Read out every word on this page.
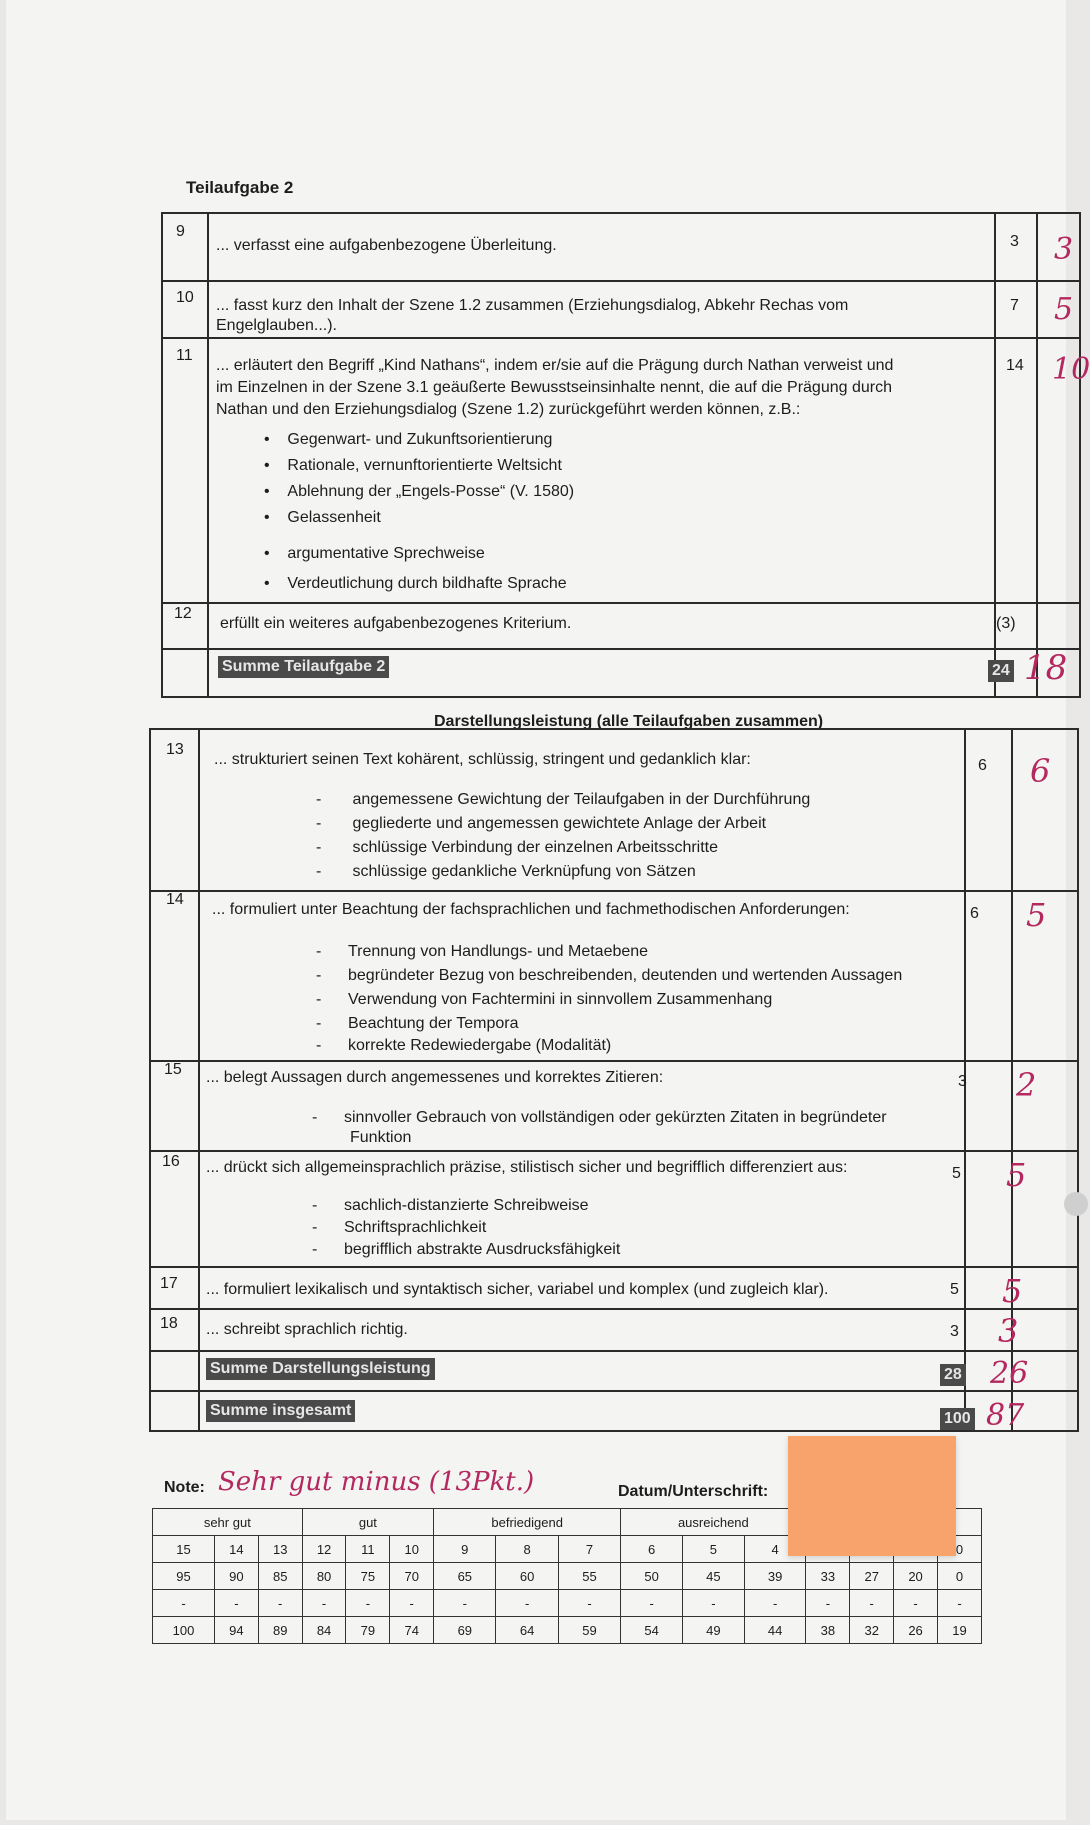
Teilaufgabe 2
9
... verfasst eine aufgabenbezogene Überleitung.	3 3
10 ... fasst kurz den Inhalt der Szene 1.2 zusammen (Erziehungsdialog, Abkehr Rechas vom
Engelglauben...).
7 5
11
... erläutert den Begriff „Kind Nathans“, indem er/sie auf die Prägung durch Nathan verweist und
im Einzelnen in der Szene 3.1 geäußerte Bewusstseinsinhalte nennt, die auf die Prägung durch
Nathan und den Erziehungsdialog (Szene 1.2) zurückgeführt werden können, z.B.:
•    Gegenwart- und Zukunftsorientierung
•    Rationale, vernunftorientierte Weltsicht
•    Ablehnung der „Engels-Posse“ (V. 1580)
•    Gelassenheit
•    argumentative Sprechweise
•    Verdeutlichung durch bildhafte Sprache
14 10
12
erfüllt ein weiteres aufgabenbezogenes Kriterium.	(3)
Summe Teilaufgabe 2	24 18
Darstellungsleistung (alle Teilaufgaben zusammen)
13
... strukturiert seinen Text kohärent, schlüssig, stringent und gedanklich klar:
-       angemessene Gewichtung der Teilaufgaben in der Durchführung
-       gegliederte und angemessen gewichtete Anlage der Arbeit
-       schlüssige Verbindung der einzelnen Arbeitsschritte
-       schlüssige gedankliche Verknüpfung von Sätzen
6 6
14
... formuliert unter Beachtung der fachsprachlichen und fachmethodischen Anforderungen:
-      Trennung von Handlungs- und Metaebene
-      begründeter Bezug von beschreibenden, deutenden und wertenden Aussagen
-      Verwendung von Fachtermini in sinnvollem Zusammenhang
-      Beachtung der Tempora
-      korrekte Redewiedergabe (Modalität)
6 5
15 ... belegt Aussagen durch angemessenes und korrektes Zitieren:
-      sinnvoller Gebrauch von vollständigen oder gekürzten Zitaten in begründeter
Funktion
3 2
16 ... drückt sich allgemeinsprachlich präzise, stilistisch sicher und begrifflich differenziert aus:
-      sachlich-distanzierte Schreibweise
-      Schriftsprachlichkeit
-      begrifflich abstrakte Ausdrucksfähigkeit
5 5
17 ... formuliert lexikalisch und syntaktisch sicher, variabel und komplex (und zugleich klar).	5 5
18 ... schreibt sprachlich richtig.	3 3
Summe Darstellungsleistung	28 26
Summe insgesamt	100 87
Note: Sehr gut minus (13Pkt.)	Datum/Unterschrift:
sehr gut			gut			befriedigend			ausreichend		
15	14	13	12	11	10	9	8	7	6	5	4				0
95	90	85	80	75	70	65	60	55	50	45	39	33	27	20	0
-	-	-	-	-	-	-	-	-	-	-	-	-	-	-	-
100	94	89	84	79	74	69	64	59	54	49	44	38	32	26	19
